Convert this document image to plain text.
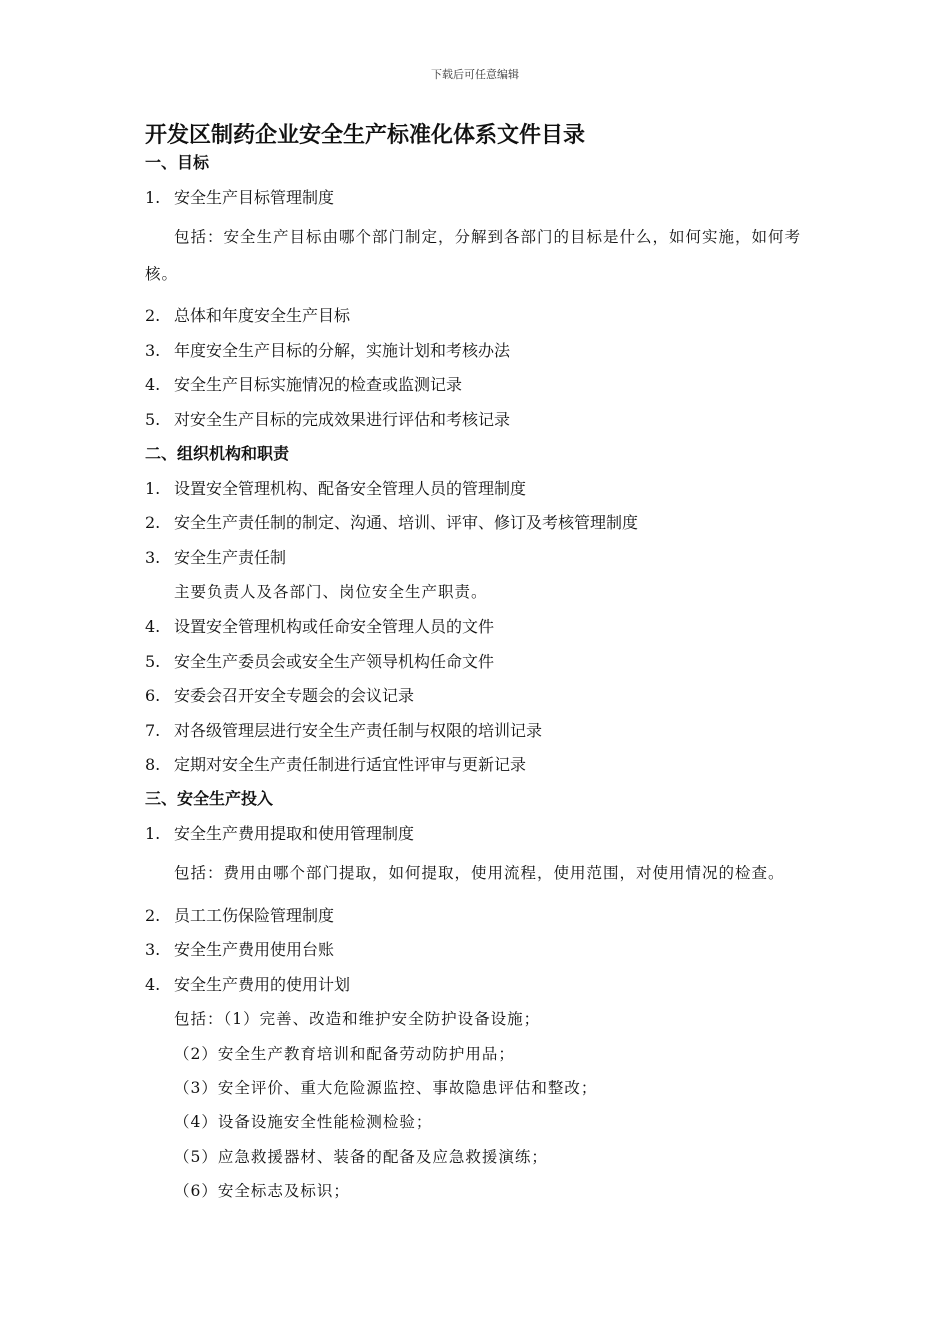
下载后可任意编辑
开发区制药企业安全生产标准化体系文件目录
一、目标
1. 安全生产目标管理制度
包括：安全生产目标由哪个部门制定，分解到各部门的目标是什么，如何实施，如何考核。
2. 总体和年度安全生产目标
3. 年度安全生产目标的分解，实施计划和考核办法
4. 安全生产目标实施情况的检查或监测记录
5. 对安全生产目标的完成效果进行评估和考核记录
二、组织机构和职责
1. 设置安全管理机构、配备安全管理人员的管理制度
2. 安全生产责任制的制定、沟通、培训、评审、修订及考核管理制度
3. 安全生产责任制
主要负责人及各部门、岗位安全生产职责。
4. 设置安全管理机构或任命安全管理人员的文件
5. 安全生产委员会或安全生产领导机构任命文件
6. 安委会召开安全专题会的会议记录
7. 对各级管理层进行安全生产责任制与权限的培训记录
8. 定期对安全生产责任制进行适宜性评审与更新记录
三、安全生产投入
1. 安全生产费用提取和使用管理制度
包括：费用由哪个部门提取，如何提取，使用流程，使用范围，对使用情况的检查。
2. 员工工伤保险管理制度
3. 安全生产费用使用台账
4. 安全生产费用的使用计划
包括：（1）完善、改造和维护安全防护设备设施；
（2）安全生产教育培训和配备劳动防护用品；
（3）安全评价、重大危险源监控、事故隐患评估和整改；
（4）设备设施安全性能检测检验；
（5）应急救援器材、装备的配备及应急救援演练；
（6）安全标志及标识；
